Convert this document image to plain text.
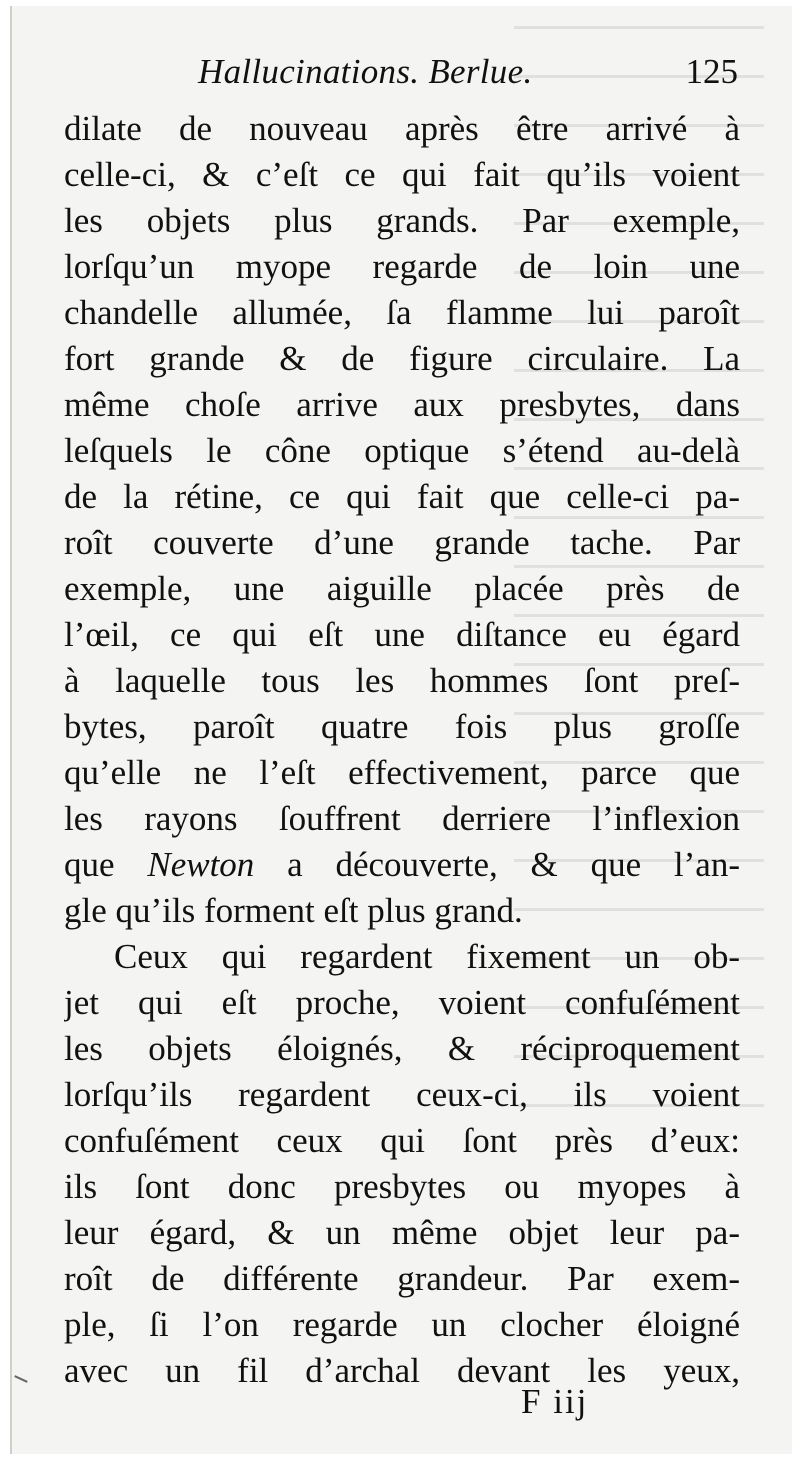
Hallucinations. Berlue.	125
dilate de nouveau après être arrivé à
celle-ci, & c’eſt ce qui fait qu’ils voient
les objets plus grands. Par exemple,
lorſqu’un myope regarde de loin une
chandelle allumée, ſa flamme lui paroît
fort grande & de figure circulaire. La
même choſe arrive aux presbytes, dans
leſquels le cône optique s’étend au-delà
de la rétine, ce qui fait que celle-ci pa-
roît couverte d’une grande tache. Par
exemple, une aiguille placée près de
l’œil, ce qui eſt une diſtance eu égard
à laquelle tous les hommes ſont preſ-
bytes, paroît quatre fois plus groſſe
qu’elle ne l’eſt effectivement, parce que
les rayons ſouffrent derriere l’inflexion
que Newton a découverte, & que l’an-
gle qu’ils forment eſt plus grand.
Ceux qui regardent fixement un ob-
jet qui eſt proche, voient confuſément
les objets éloignés, & réciproquement
lorſqu’ils regardent ceux-ci, ils voient
confuſément ceux qui ſont près d’eux:
ils ſont donc presbytes ou myopes à
leur égard, & un même objet leur pa-
roît de différente grandeur. Par exem-
ple, ſi l’on regarde un clocher éloigné
avec un fil d’archal devant les yeux,
F iij
